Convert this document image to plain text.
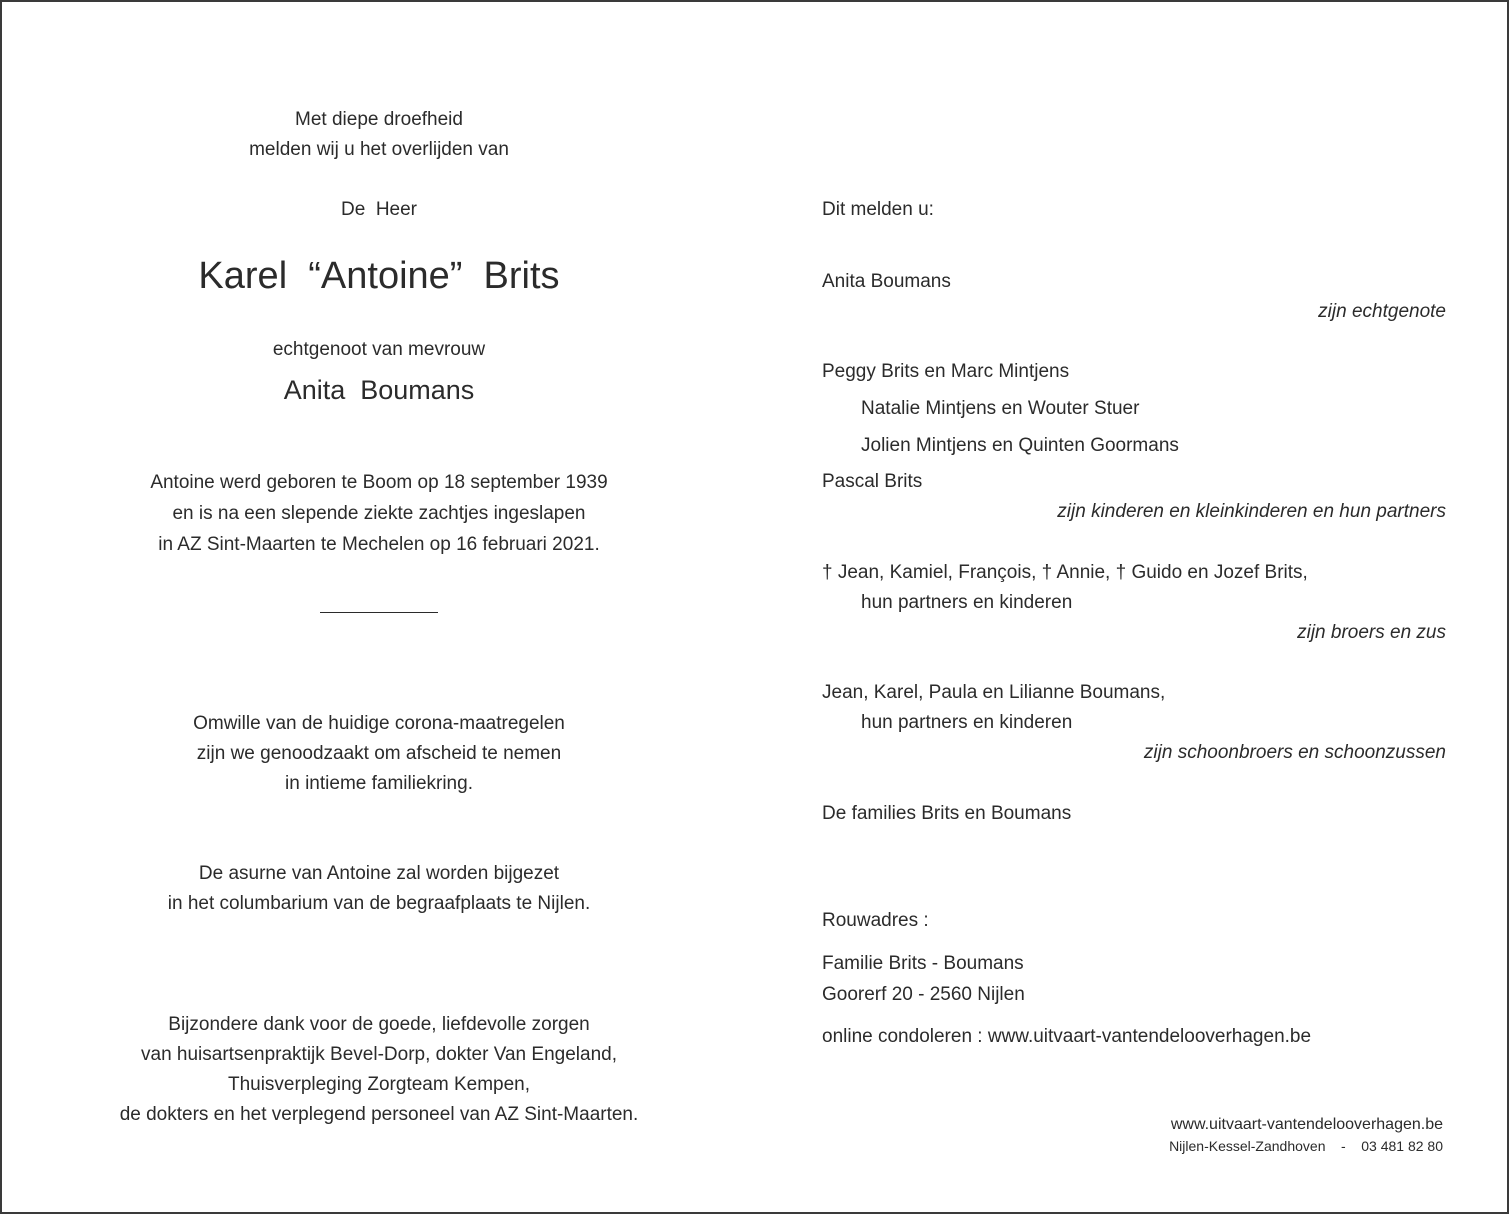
Met diepe droefheid
melden wij u het overlijden van
De  Heer
Karel  “Antoine”  Brits
echtgenoot van mevrouw
Anita  Boumans
Antoine werd geboren te Boom op 18 september 1939
en is na een slepende ziekte zachtjes ingeslapen
in AZ Sint-Maarten te Mechelen op 16 februari 2021.
Omwille van de huidige corona-maatregelen
zijn we genoodzaakt om afscheid te nemen
in intieme familiekring.
De asurne van Antoine zal worden bijgezet
in het columbarium van de begraafplaats te Nijlen.
Bijzondere dank voor de goede, liefdevolle zorgen
van huisartsenpraktijk Bevel-Dorp, dokter Van Engeland,
Thuisverpleging Zorgteam Kempen,
de dokters en het verplegend personeel van AZ Sint-Maarten.
Dit melden u:
Anita Boumans
zijn echtgenote
Peggy Brits en Marc Mintjens
Natalie Mintjens en Wouter Stuer
Jolien Mintjens en Quinten Goormans
Pascal Brits
zijn kinderen en kleinkinderen en hun partners
† Jean, Kamiel, François, † Annie, † Guido en Jozef Brits,
hun partners en kinderen
zijn broers en zus
Jean, Karel, Paula en Lilianne Boumans,
hun partners en kinderen
zijn schoonbroers en schoonzussen
De families Brits en Boumans
Rouwadres :
Familie Brits - Boumans
Goorerf 20 - 2560 Nijlen
online condoleren : www.uitvaart-vantendelooverhagen.be
www.uitvaart-vantendelooverhagen.be
Nijlen-Kessel-Zandhoven    -    03 481 82 80
